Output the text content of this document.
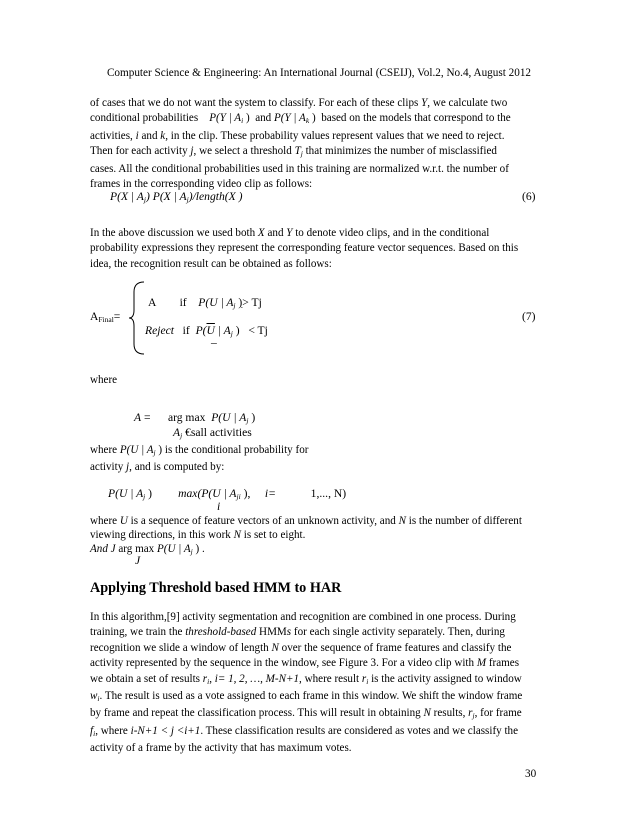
Computer Science & Engineering: An International Journal (CSEIJ), Vol.2, No.4, August 2012
of cases that we do not want the system to classify. For each of these clips Y, we calculate two
conditional probabilities P(Y | $A_i$ ) and P(Y | $A_k$ ) based on the models that correspond to the
activities, i and k, in the clip. These probability values represent values that we need to reject.
Then for each activity j, we select a threshold $T_j$ that minimizes the number of misclassified
cases. All the conditional probabilities used in this training are normalized w.r.t. the number of
frames in the corresponding video clip as follows:
P(X | $A_j$) P(X | $A_j)/length(X$ )	(6)
In the above discussion we used both X and Y to denote video clips, and in the conditional
probability expressions they represent the corresponding feature vector sequences. Based on this
idea, the recognition result can be obtained as follows:
$A_{Final}=$
A if P(U | $A_j$ )> Tj
Reject if $P(\overline{U}$ | $A_j$ ) < Tj
_
(7)
where
A =      arg max P(U | $A_j$ )
$A_j$ €sall activities
where P(U | $A_j$ ) is the conditional probability for
activity j, and is computed by:
P(U | $A_j$ ) max(P(U | $A_{ji}$ ), i=	1,..., N)
i
where U is a sequence of feature vectors of an unknown activity, and N is the number of different
viewing directions, in this work N is set to eight.
And J arg max P(U | $A_j$ ) .
J
Applying Threshold based HMM to HAR
In this algorithm,[9] activity segmentation and recognition are combined in one process. During
training, we train the threshold-based HMMs for each single activity separately. Then, during
recognition we slide a window of length N over the sequence of frame features and classify the
activity represented by the sequence in the window, see Figure 3. For a video clip with M frames
we obtain a set of results $r_i$, i= 1, 2, …, M-N+1, where result $r_i$ is the activity assigned to window
$w_i$. The result is used as a vote assigned to each frame in this window. We shift the window frame
by frame and repeat the classification process. This will result in obtaining N results, $r_j$, for frame
$f_i$, where i-N+1 < j <i+1. These classification results are considered as votes and we classify the
activity of a frame by the activity that has maximum votes.
30
